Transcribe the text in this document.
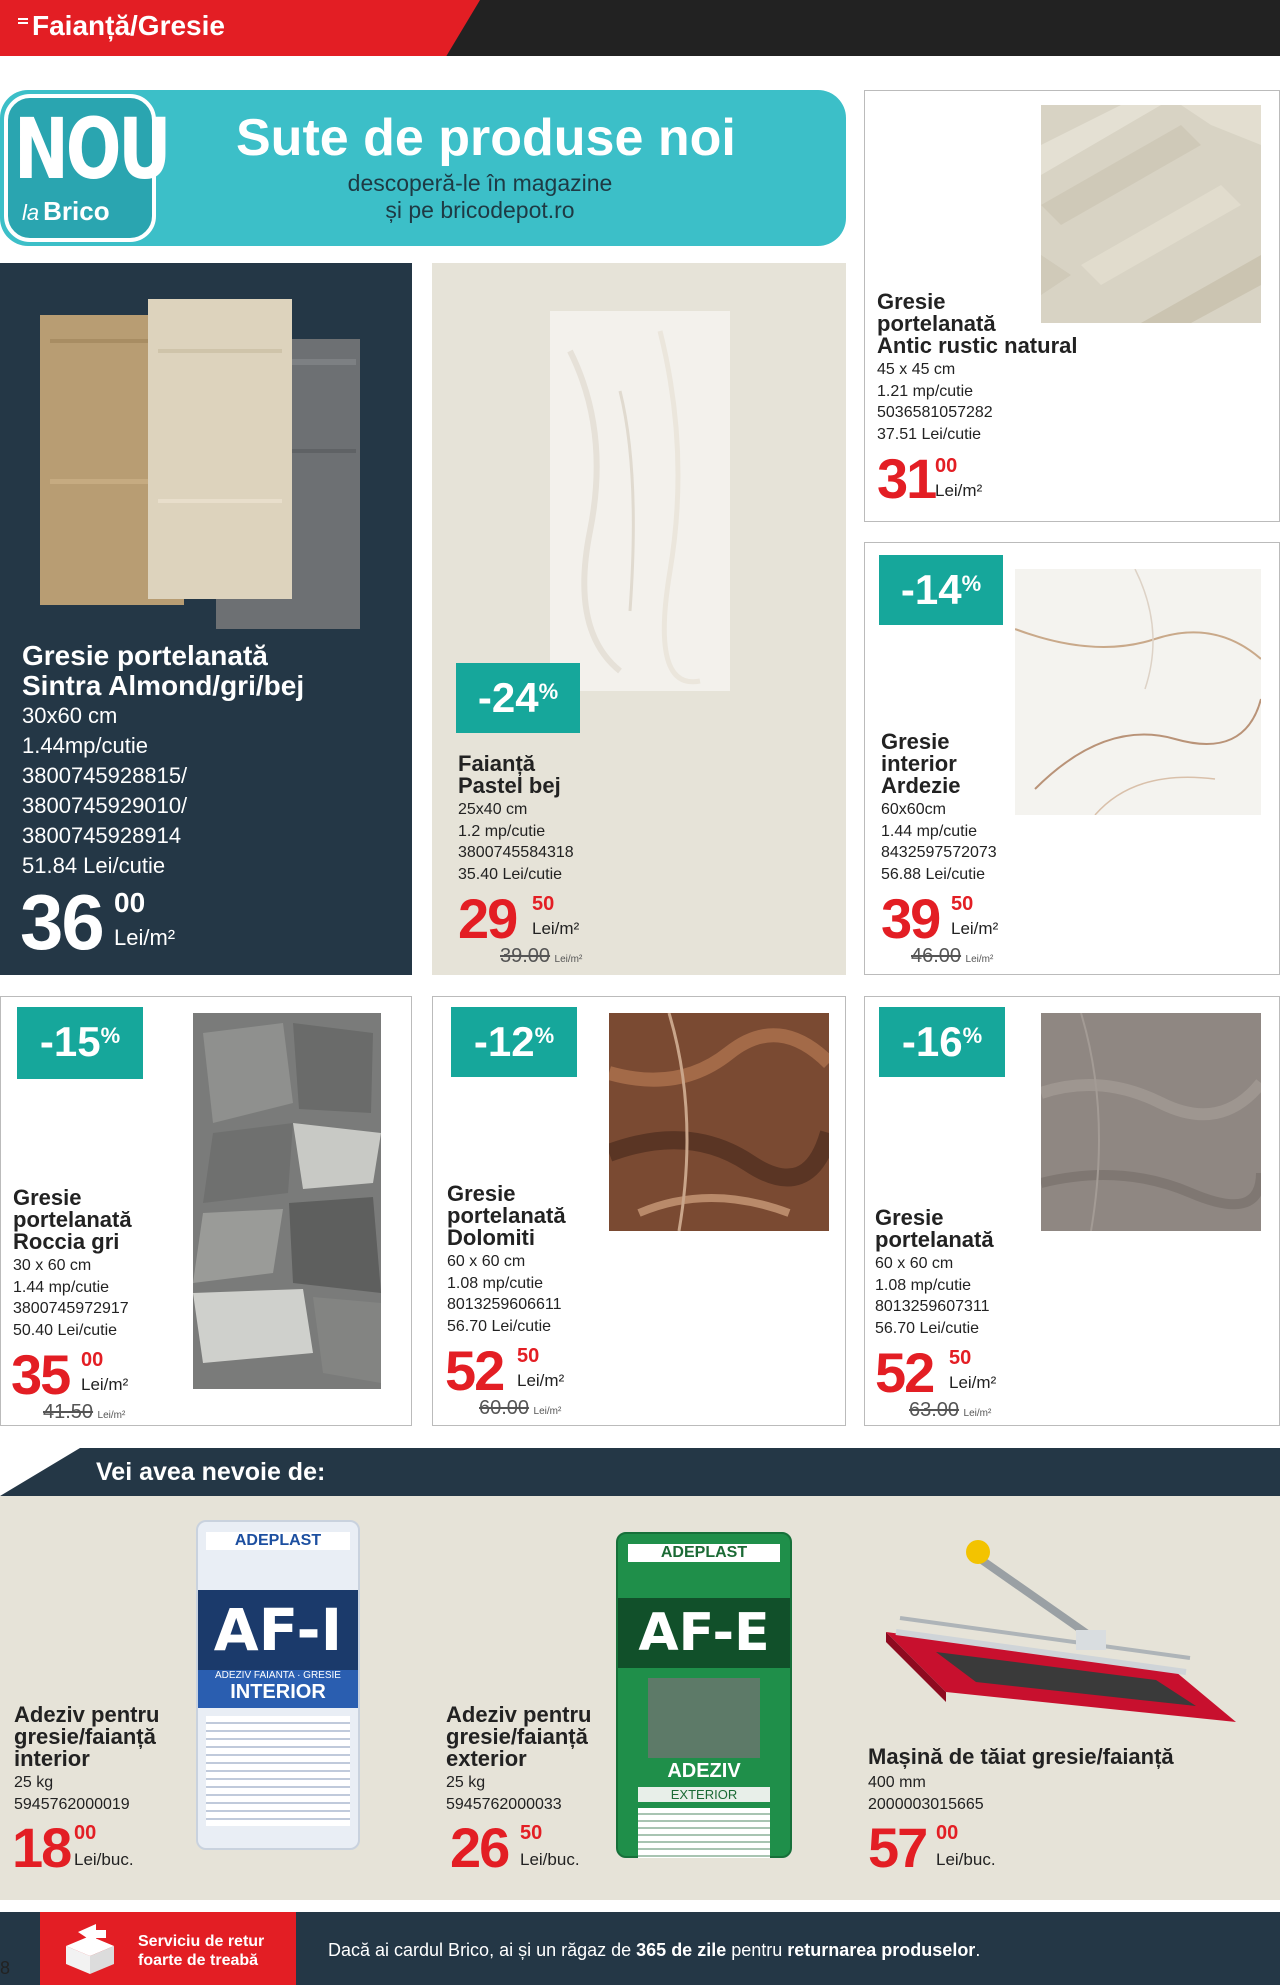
Faianță/Gresie
NOU
la Brico
Sute de produse noi
descoperă-le în magazine
și pe bricodepot.ro
Gresie
portelanată
Antic rustic natural
45 x 45 cm
1.21 mp/cutie
5036581057282
37.51 Lei/cutie
31 00
Lei/m²
Gresie portelanată
Sintra Almond/gri/bej
30x60 cm
1.44mp/cutie
3800745928815/
3800745929010/
3800745928914
51.84 Lei/cutie
36 00
Lei/m²
-24%
Faianță
Pastel bej
25x40 cm
1.2 mp/cutie
3800745584318
35.40 Lei/cutie
29 50
Lei/m²
39.00 Lei/m²
-14%
Gresie
interior
Ardezie
60x60cm
1.44 mp/cutie
8432597572073
56.88 Lei/cutie
39 50
Lei/m²
46.00 Lei/m²
-15%
Gresie
portelanată
Roccia gri
30 x 60 cm
1.44 mp/cutie
3800745972917
50.40 Lei/cutie
35 00
Lei/m²
41.50 Lei/m²
-12%
Gresie
portelanată
Dolomiti
60 x 60 cm
1.08 mp/cutie
8013259606611
56.70 Lei/cutie
52 50
Lei/m²
60.00 Lei/m²
-16%
Gresie
portelanată
60 x 60 cm
1.08 mp/cutie
8013259607311
56.70 Lei/cutie
52 50
Lei/m²
63.00 Lei/m²
Vei avea nevoie de:
ADEPLAST
AF-I
ADEZIV FAIANTA · GRESIE
INTERIOR
Adeziv pentru
gresie/faianță
interior
25 kg
5945762000019
18 00
Lei/buc.
ADEPLAST
AF-E
ADEZIV
EXTERIOR
Adeziv pentru
gresie/faianță
exterior
25 kg
5945762000033
26 50
Lei/buc.
Mașină de tăiat gresie/faianță
400 mm
2000003015665
57 00
Lei/buc.
Serviciu de retur
foarte de treabă
Dacă ai cardul Brico, ai și un răgaz de 365 de zile pentru returnarea produselor.
8
